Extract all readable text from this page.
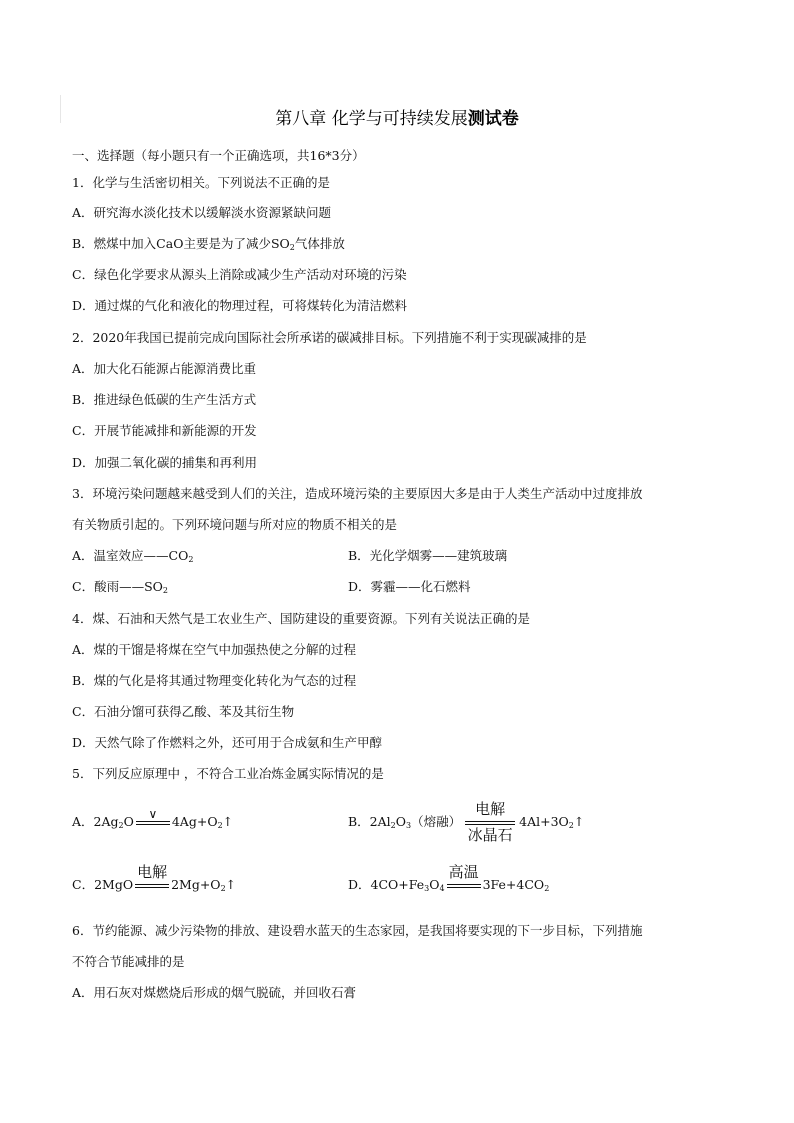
第八章 化学与可持续发展测试卷
一、选择题（每小题只有一个正确选项，共16*3分）
1．化学与生活密切相关。下列说法不正确的是
A．研究海水淡化技术以缓解淡水资源紧缺问题
B．燃煤中加入CaO主要是为了减少$SO_2$气体排放
C．绿色化学要求从源头上消除或减少生产活动对环境的污染
D．通过煤的气化和液化的物理过程，可将煤转化为清洁燃料
2．2020年我国已提前完成向国际社会所承诺的碳减排目标。下列措施不利于实现碳减排的是
A．加大化石能源占能源消费比重
B．推进绿色低碳的生产生活方式
C．开展节能减排和新能源的开发
D．加强二氧化碳的捕集和再利用
3．环境污染问题越来越受到人们的关注，造成环境污染的主要原因大多是由于人类生产活动中过度排放
有关物质引起的。下列环境问题与所对应的物质不相关的是
A．温室效应$——CO_2$	B．光化学烟雾——建筑玻璃
C．酸雨$——SO_2$	D．雾霾——化石燃料
4．煤、石油和天然气是工农业生产、国防建设的重要资源。下列有关说法正确的是
A．煤的干馏是将煤在空气中加强热使之分解的过程
B．煤的气化是将其通过物理变化转化为气态的过程
C．石油分馏可获得乙酸、苯及其衍生物
D．天然气除了作燃料之外，还可用于合成氨和生产甲醇
5．下列反应原理中 ，不符合工业冶炼金属实际情况的是
A．$2Ag_2O$	∨	$4Ag+O_2↑$	B．$2Al_2O_3$（熔融）
电解
冰晶石
$4Al+3O_2↑$
C．2MgO
电解
$2Mg+O_2↑$	D．$4CO+Fe_3O_4$
高温
$3Fe+4CO_2$
6．节约能源、减少污染物的排放、建设碧水蓝天的生态家园，是我国将要实现的下一步目标，下列措施
不符合节能减排的是
A．用石灰对煤燃烧后形成的烟气脱硫，并回收石膏
